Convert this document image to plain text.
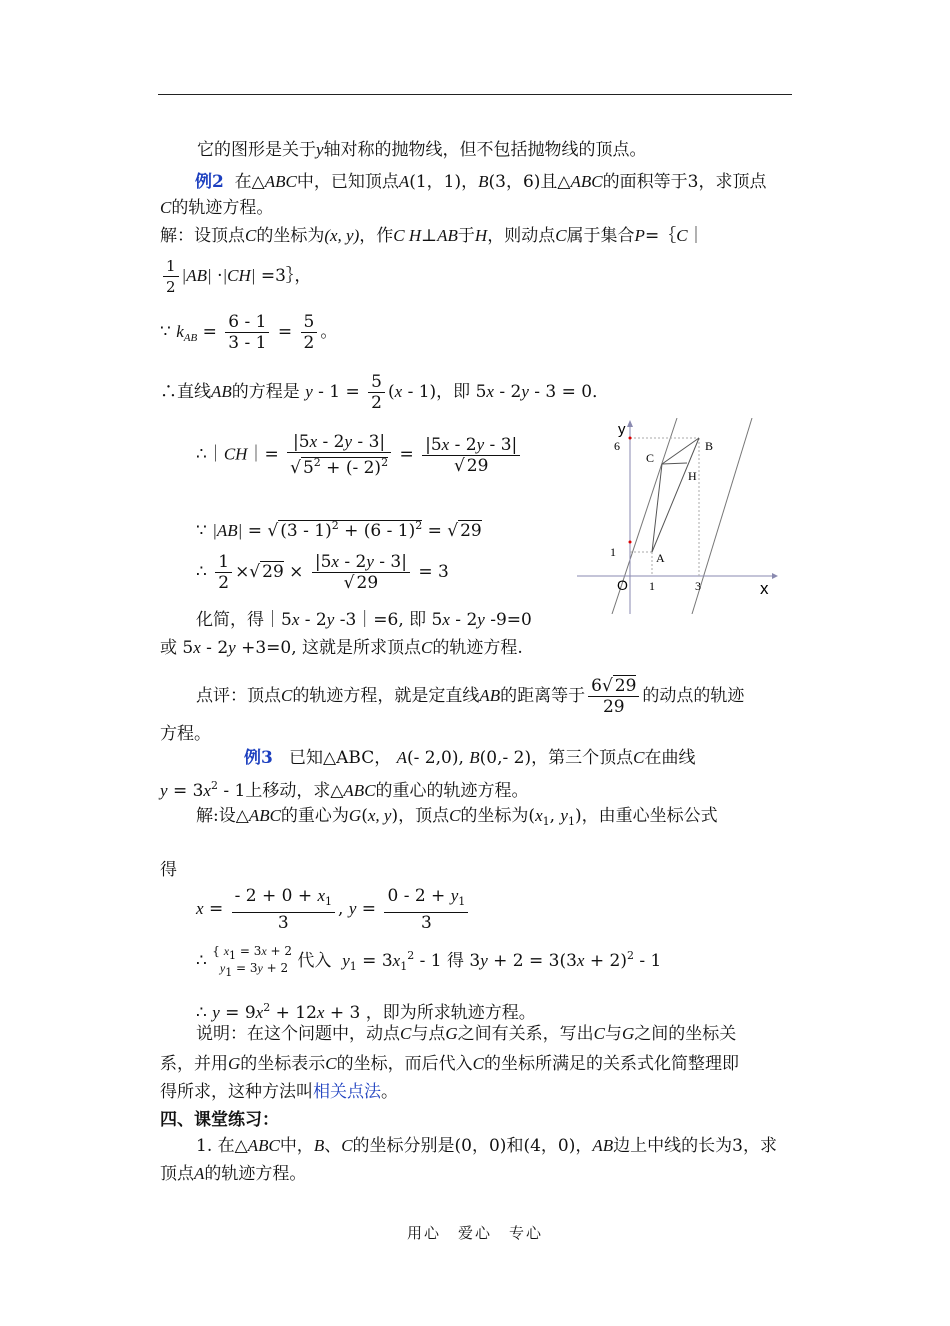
它的图形是关于y轴对称的抛物线，但不包括抛物线的顶点。
例2  在△ABC中，已知顶点A(1，1)，B(3，6)且△ABC的面积等于3，求顶点
C的轨迹方程。
解：设顶点C的坐标为(x, y)，作C H⊥AB于H，则动点C属于集合P=｛C｜
$\frac{1}{2} |AB| \cdot|CH|$ =3｝，
∵ $k_{AB} = \frac{6 - 1}{3 - 1} = \frac{5}{2}$ 。
∴直线AB的方程是 $y - 1 = \frac{5}{2} (x - 1)$，即 5x - 2y - 3 = 0．
∴｜CH｜= $\frac{|5x - 2y - 3|}{√ 5^2 + (- 2)^2} = \frac{|5x - 2y - 3|}{√ 29}$
∵ |AB| = √ (3 - 1)$^2$ + (6 - 1)$^2$ = √ 29
∴ $\frac{1}{2}$ ×√ $29 \times \frac{|5x - 2y - 3|}{√ 29} = 3$
化简，得｜5x - 2y -3｜=6, 即 5x - 2y -9=0
或 5x - 2y +3=0, 这就是所求顶点C的轨迹方程.
点评：顶点C的轨迹方程，就是定直线AB的距离等于 $\frac{6√ 29}{29}$ 的动点的轨迹
方程。
例3   已知△ABC， A(- 2,0), B(0,- 2)，第三个顶点C在曲线
$y = 3x^2 - 1$上移动，求△ABC的重心的轨迹方程。
解:设△ABC的重心为G(x, y)，顶点C的坐标为($x_1$, $y_1$)，由重心坐标公式
得
$x = \frac{- 2 + 0 + x_1}{3}$ , $y = \frac{0 - 2 + y_1}{3}$
∴ { x1 = 3x + 2
y1 = 3y + 2 代入  $y_1 = 3x_1^2 - 1$ 得 $3y + 2 = 3(3x + 2)^2 - 1$
∴ $y = 9x^2 + 12x + 3$ ，即为所求轨迹方程。
说明：在这个问题中，动点C与点G之间有关系，写出C与G之间的坐标关
系，并用G的坐标表示C的坐标，而后代入C的坐标所满足的关系式化简整理即
得所求，这种方法叫相关点法。
四、课堂练习：
1. 在△ABC中，B、C的坐标分别是(0，0)和(4，0)，AB边上中线的长为3，求
顶点A的轨迹方程。
y
x
O
6
1
1	3
A
B
C
H
用心　爱心　专心
